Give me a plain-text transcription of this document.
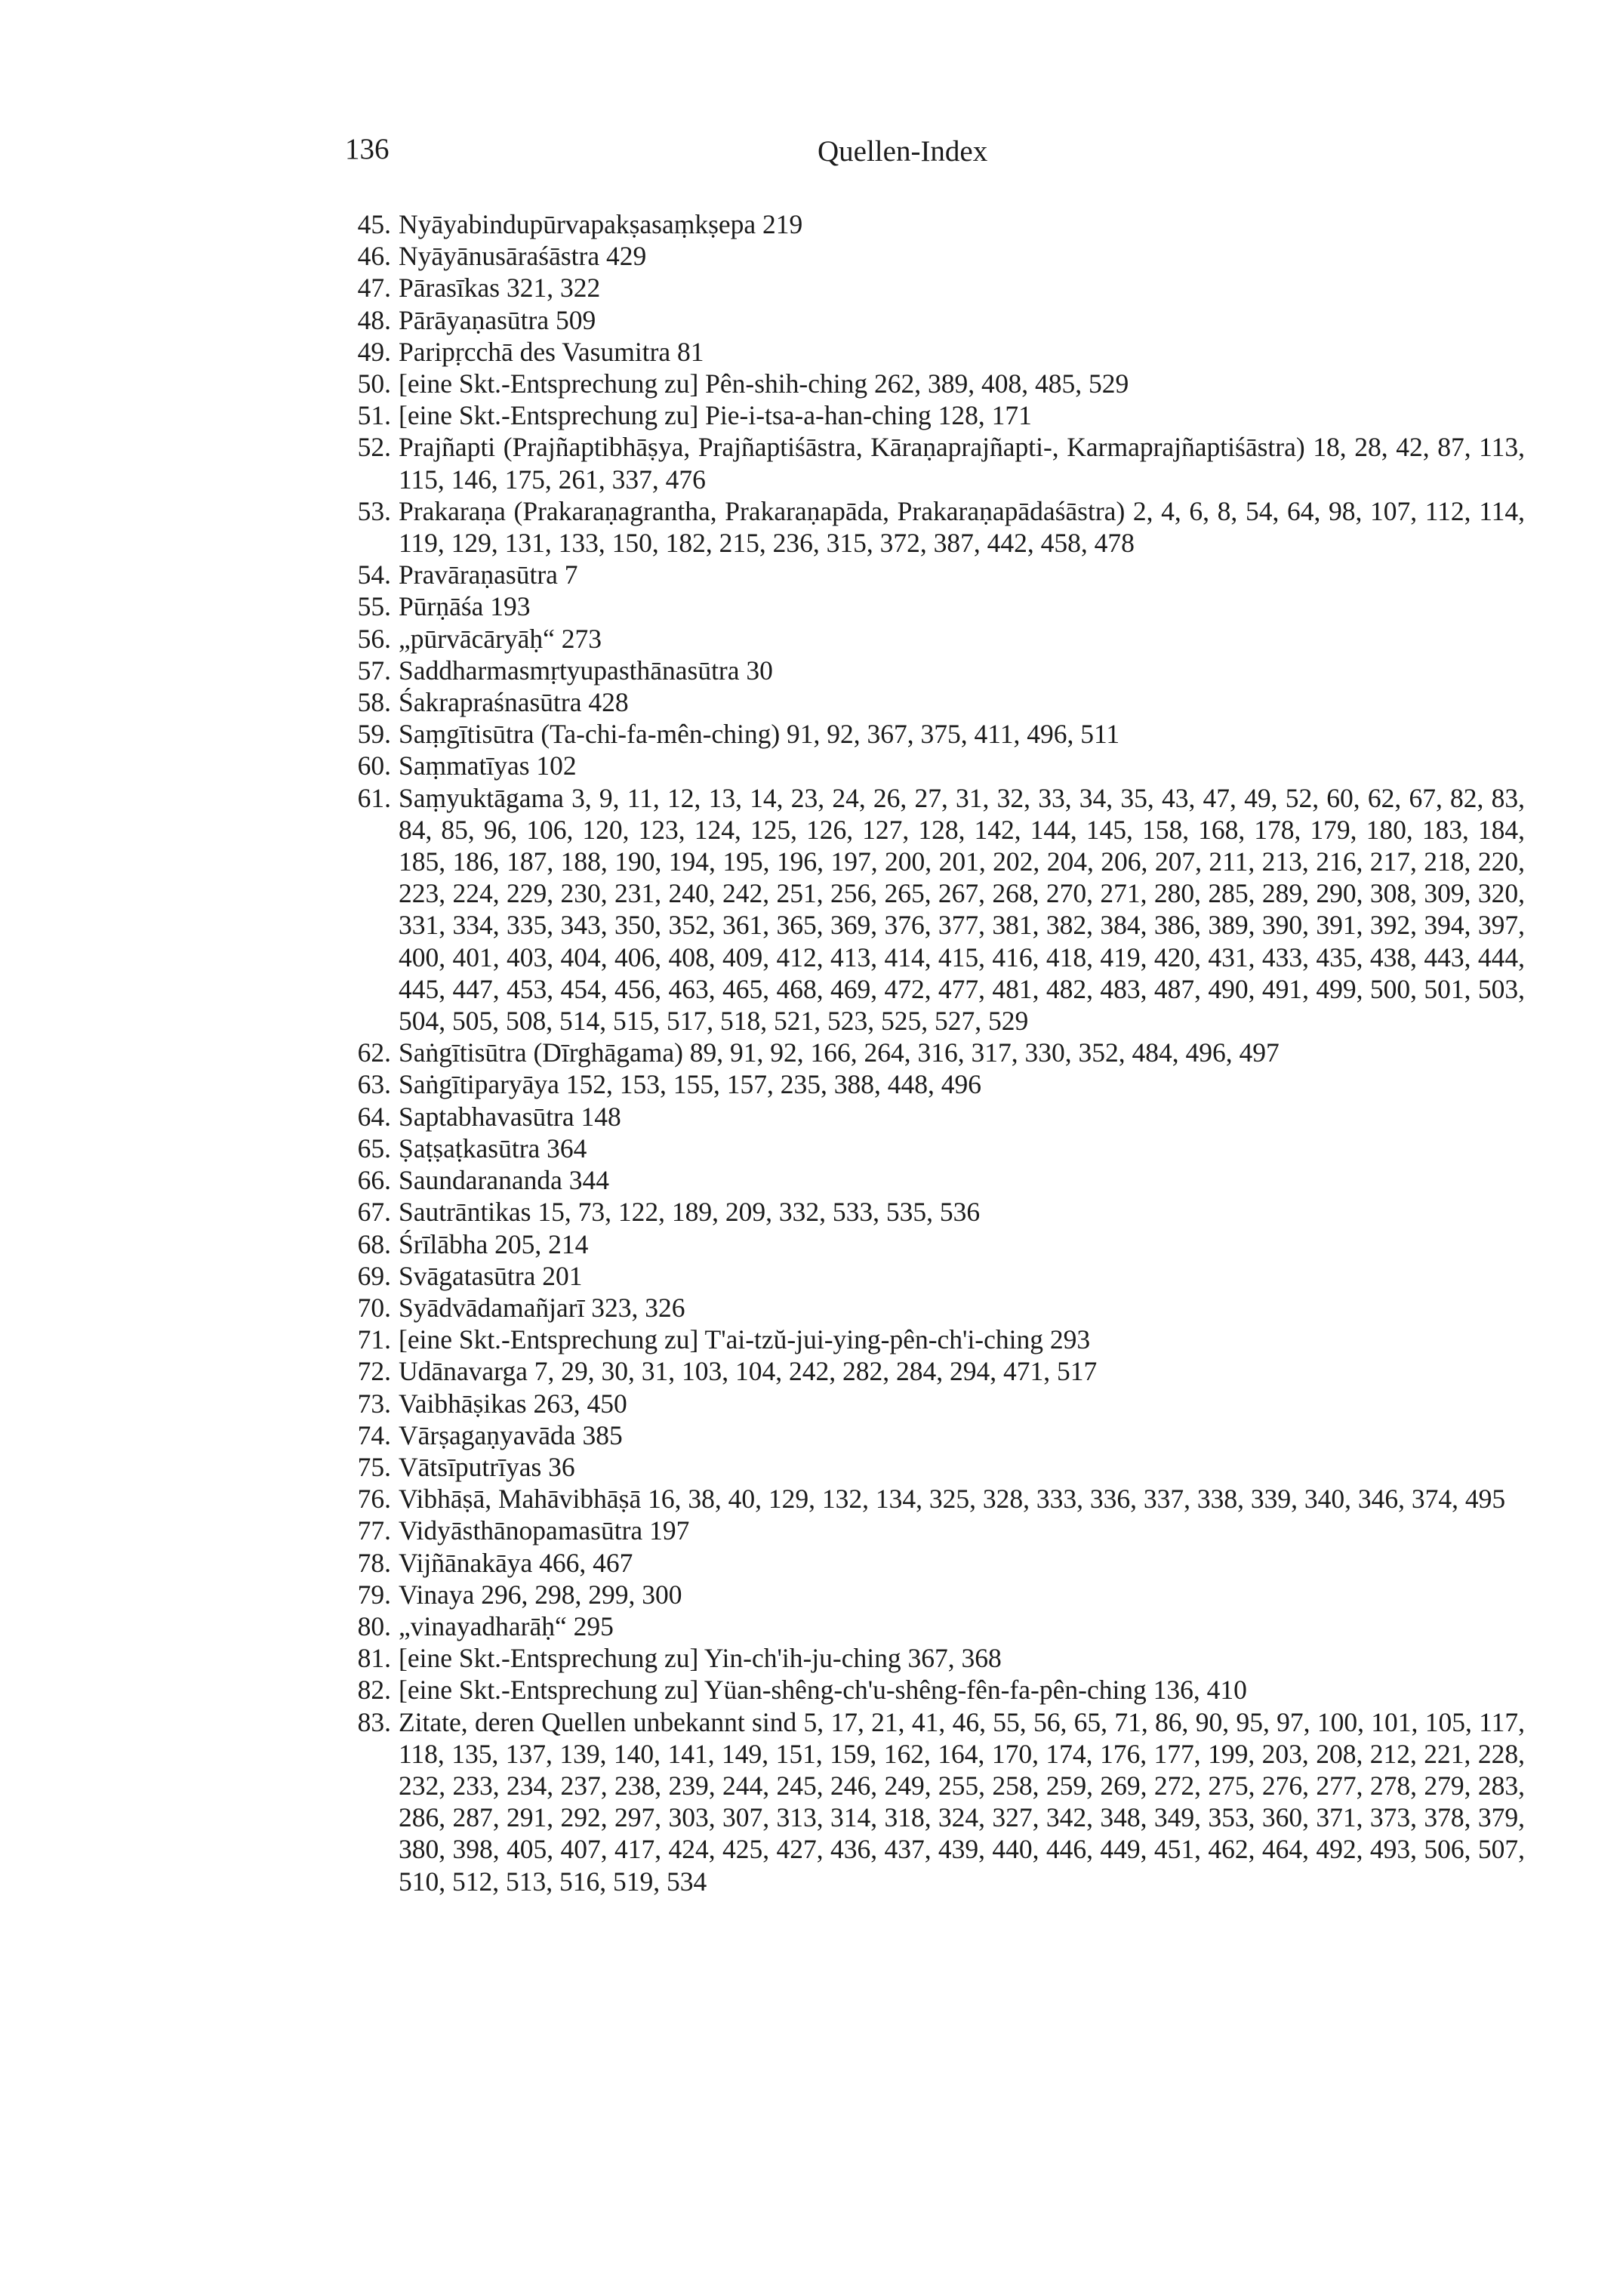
136	Quellen-Index
45. Nyāyabindupūrvapakṣasaṃkṣepa 219
46. Nyāyānusāraśāstra 429
47. Pārasīkas 321, 322
48. Pārāyaṇasūtra 509
49. Paripṛcchā des Vasumitra 81
50. [eine Skt.-Entsprechung zu] Pên-shih-ching 262, 389, 408, 485, 529
51. [eine Skt.-Entsprechung zu] Pie-i-tsa-a-han-ching 128, 171
52. Prajñapti (Prajñaptibhāṣya, Prajñaptiśāstra, Kāraṇaprajñapti-, Karmaprajñaptiśāstra) 18, 28, 42, 87, 113, 115, 146, 175, 261, 337, 476
53. Prakaraṇa (Prakaraṇagrantha, Prakaraṇapāda, Prakaraṇapādaśāstra) 2, 4, 6, 8, 54, 64, 98, 107, 112, 114, 119, 129, 131, 133, 150, 182, 215, 236, 315, 372, 387, 442, 458, 478
54. Pravāraṇasūtra 7
55. Pūrṇāśa 193
56. „pūrvācāryāḥ“ 273
57. Saddharmasmṛtyupasthānasūtra 30
58. Śakrapraśnasūtra 428
59. Saṃgītisūtra (Ta-chi-fa-mên-ching) 91, 92, 367, 375, 411, 496, 511
60. Saṃmatīyas 102
61. Saṃyuktāgama 3, 9, 11, 12, 13, 14, 23, 24, 26, 27, 31, 32, 33, 34, 35, 43, 47, 49, 52, 60, 62, 67, 82, 83, 84, 85, 96, 106, 120, 123, 124, 125, 126, 127, 128, 142, 144, 145, 158, 168, 178, 179, 180, 183, 184, 185, 186, 187, 188, 190, 194, 195, 196, 197, 200, 201, 202, 204, 206, 207, 211, 213, 216, 217, 218, 220, 223, 224, 229, 230, 231, 240, 242, 251, 256, 265, 267, 268, 270, 271, 280, 285, 289, 290, 308, 309, 320, 331, 334, 335, 343, 350, 352, 361, 365, 369, 376, 377, 381, 382, 384, 386, 389, 390, 391, 392, 394, 397, 400, 401, 403, 404, 406, 408, 409, 412, 413, 414, 415, 416, 418, 419, 420, 431, 433, 435, 438, 443, 444, 445, 447, 453, 454, 456, 463, 465, 468, 469, 472, 477, 481, 482, 483, 487, 490, 491, 499, 500, 501, 503, 504, 505, 508, 514, 515, 517, 518, 521, 523, 525, 527, 529
62. Saṅgītisūtra (Dīrghāgama) 89, 91, 92, 166, 264, 316, 317, 330, 352, 484, 496, 497
63. Saṅgītiparyāya 152, 153, 155, 157, 235, 388, 448, 496
64. Saptabhavasūtra 148
65. Ṣaṭṣaṭkasūtra 364
66. Saundarananda 344
67. Sautrāntikas 15, 73, 122, 189, 209, 332, 533, 535, 536
68. Śrīlābha 205, 214
69. Svāgatasūtra 201
70. Syādvādamañjarī 323, 326
71. [eine Skt.-Entsprechung zu] T'ai-tzŭ-jui-ying-pên-ch'i-ching 293
72. Udānavarga 7, 29, 30, 31, 103, 104, 242, 282, 284, 294, 471, 517
73. Vaibhāṣikas 263, 450
74. Vārṣagaṇyavāda 385
75. Vātsīputrīyas 36
76. Vibhāṣā, Mahāvibhāṣā 16, 38, 40, 129, 132, 134, 325, 328, 333, 336, 337, 338, 339, 340, 346, 374, 495
77. Vidyāsthānopamasūtra 197
78. Vijñānakāya 466, 467
79. Vinaya 296, 298, 299, 300
80. „vinayadharāḥ“ 295
81. [eine Skt.-Entsprechung zu] Yin-ch'ih-ju-ching 367, 368
82. [eine Skt.-Entsprechung zu] Yüan-shêng-ch'u-shêng-fên-fa-pên-ching 136, 410
83. Zitate, deren Quellen unbekannt sind 5, 17, 21, 41, 46, 55, 56, 65, 71, 86, 90, 95, 97, 100, 101, 105, 117, 118, 135, 137, 139, 140, 141, 149, 151, 159, 162, 164, 170, 174, 176, 177, 199, 203, 208, 212, 221, 228, 232, 233, 234, 237, 238, 239, 244, 245, 246, 249, 255, 258, 259, 269, 272, 275, 276, 277, 278, 279, 283, 286, 287, 291, 292, 297, 303, 307, 313, 314, 318, 324, 327, 342, 348, 349, 353, 360, 371, 373, 378, 379, 380, 398, 405, 407, 417, 424, 425, 427, 436, 437, 439, 440, 446, 449, 451, 462, 464, 492, 493, 506, 507, 510, 512, 513, 516, 519, 534
